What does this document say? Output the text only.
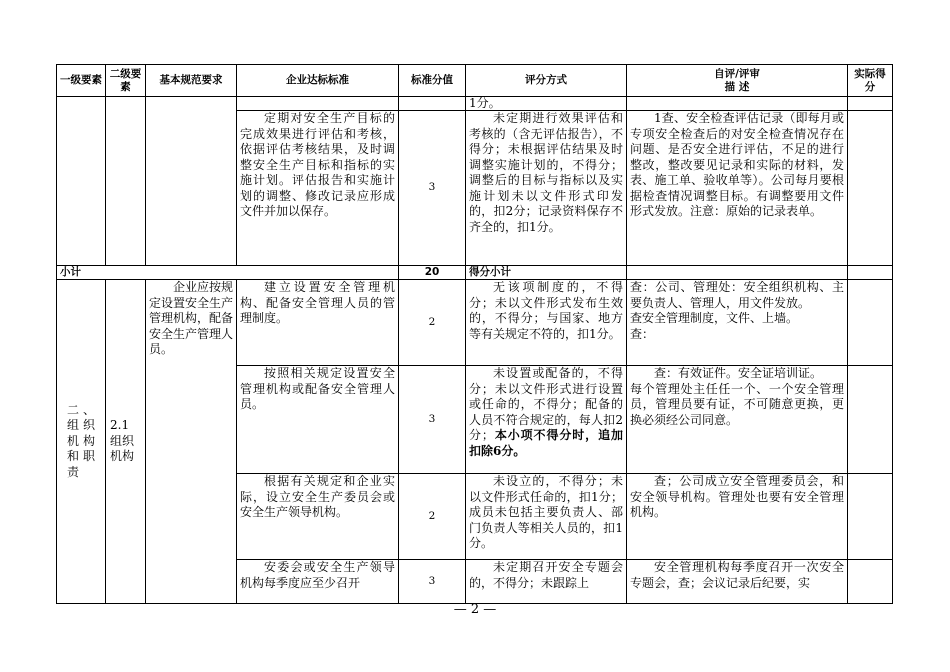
一级要素	二级要素	基本规范要求	企业达标标准	标准分值	评分方式	自评/评审
描 述	实际得分
					1分。		
			定期对安全生产目标的完成效果进行评估和考核，依据评估考核结果，及时调整安全生产目标和指标的实施计划。评估报告和实施计划的调整、修改记录应形成文件并加以保存。	3	未定期进行效果评估和考核的（含无评估报告），不得分；未根据评估结果及时调整实施计划的，不得分；调整后的目标与指标以及实施计划未以文件形式印发的，扣2分；记录资料保存不齐全的，扣1分。	1查、安全检查评估记录（即每月或专项安全检查后的对安全检查情况存在问题、是否安全进行评估，不足的进行整改，整改要见记录和实际的材料，发表、施工单、验收单等）。公司每月要根据检查情况调整目标。有调整要用文件形式发放。注意：原始的记录表单。	
小计				20	得分小计		

二、组织机构和职责	2.1组织机构	企业应按规定设置安全生产管理机构，配备安全生产管理人员。	建立设置安全管理机构、配备安全管理人员的管理制度。	2	无该项制度的，不得分；未以文件形式发布生效的，不得分；与国家、地方等有关规定不符的，扣1分。	查：公司、管理处：安全组织机构、主要负责人、管理人，用文件发放。
查安全管理制度，文件、上墙。
查：	
			按照相关规定设置安全管理机构或配备安全管理人员。	3	未设置或配备的，不得分；未以文件形式进行设置或任命的，不得分；配备的人员不符合规定的，每人扣2分；本小项不得分时，追加扣除6分。	查：有效证件。安全证培训证。
每个管理处主任任一个、一个安全管理员，管理员要有证，不可随意更换，更换必须经公司同意。	
			根据有关规定和企业实际，设立安全生产委员会或安全生产领导机构。	2	未设立的，不得分；未以文件形式任命的，扣1分；成员未包括主要负责人、部门负责人等相关人员的，扣1分。	查；公司成立安全管理委员会，和安全领导机构。管理处也要有安全管理机构。	
			安委会或安全生产领导机构每季度应至少召开	3	未定期召开安全专题会的，不得分；未跟踪上	安全管理机构每季度召开一次安全专题会，查；会议记录后纪要，实	
— 2 —
